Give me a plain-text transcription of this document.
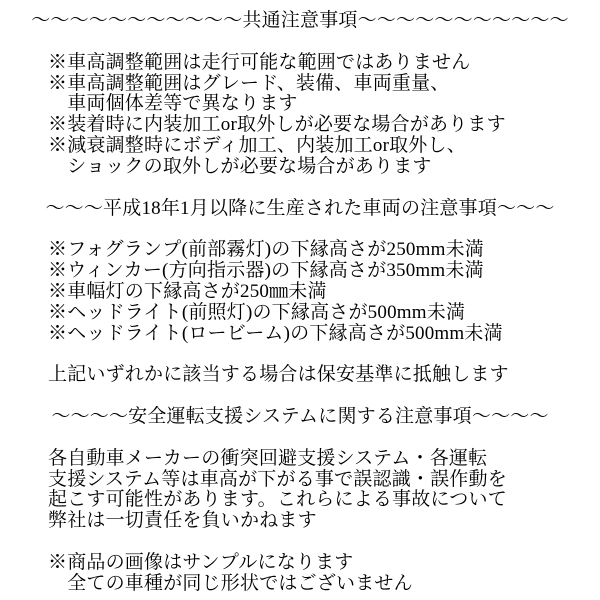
～～～～～～～～～～～共通注意事項～～～～～～～～～～～

※車高調整範囲は走行可能な範囲ではありません
※車高調整範囲はグレード、装備、車両重量、
　車両個体差等で異なります
※装着時に内装加工or取外しが必要な場合があります
※減衰調整時にボディ加工、内装加工or取外し、
　ショックの取外しが必要な場合があります

～～～平成18年1月以降に生産された車両の注意事項～～～

※フォグランプ(前部霧灯)の下縁高さが250mm未満
※ウィンカー(方向指示器)の下縁高さが350mm未満
※車幅灯の下縁高さが250㎜未満
※ヘッドライト(前照灯)の下縁高さが500mm未満
※ヘッドライト(ロービーム)の下縁高さが500mm未満

上記いずれかに該当する場合は保安基準に抵触します

～～～～安全運転支援システムに関する注意事項～～～～

各自動車メーカーの衝突回避支援システム・各運転
支援システム等は車高が下がる事で誤認識・誤作動を
起こす可能性があります。これらによる事故について
弊社は一切責任を負いかねます

※商品の画像はサンプルになります
　全ての車種が同じ形状ではございません
